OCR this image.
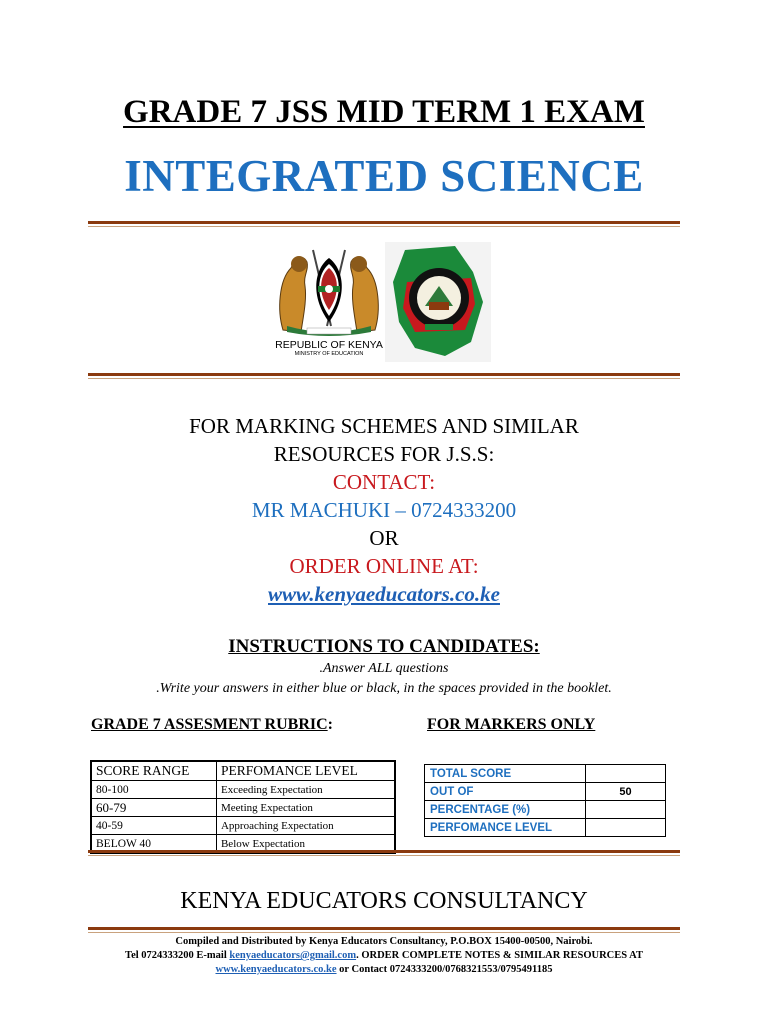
GRADE 7 JSS MID TERM 1 EXAM
INTEGRATED SCIENCE
REPUBLIC OF KENYA
MINISTRY OF EDUCATION
FOR MARKING SCHEMES AND SIMILAR
RESOURCES FOR J.S.S:
CONTACT:
MR MACHUKI – 0724333200
OR
ORDER ONLINE AT:
www.kenyaeducators.co.ke
INSTRUCTIONS TO CANDIDATES:
.Answer ALL questions
.Write your answers in either blue or black, in the spaces provided in the booklet.
GRADE 7 ASSESMENT RUBRIC:	FOR MARKERS ONLY
SCORE RANGE	PERFOMANCE LEVEL
80-100	Exceeding Expectation
60-79	Meeting Expectation
40-59	Approaching Expectation
BELOW 40	Below Expectation
TOTAL SCORE	
OUT OF	50
PERCENTAGE (%)	
PERFOMANCE LEVEL	
KENYA EDUCATORS CONSULTANCY
Compiled and Distributed by Kenya Educators Consultancy, P.O.BOX 15400-00500, Nairobi.
Tel 0724333200 E-mail kenyaeducators@gmail.com. ORDER COMPLETE NOTES & SIMILAR RESOURCES AT
www.kenyaeducators.co.ke or Contact 0724333200/0768321553/0795491185
